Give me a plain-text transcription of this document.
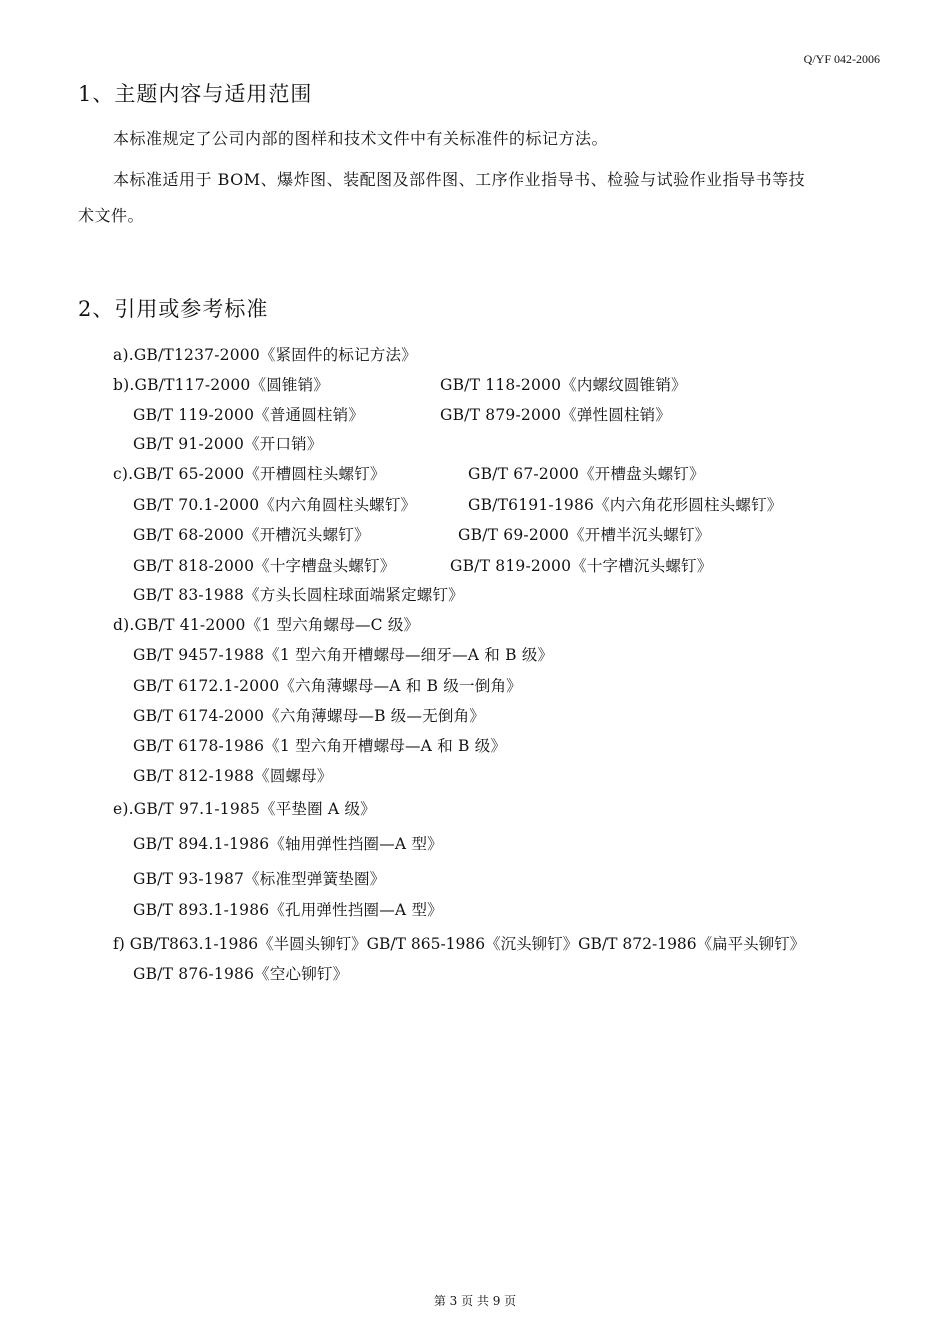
Q/YF 042-2006
1、主题内容与适用范围
本标准规定了公司内部的图样和技术文件中有关标准件的标记方法。
本标准适用于 BOM、爆炸图、装配图及部件图、工序作业指导书、检验与试验作业指导书等技
术文件。
2、引用或参考标准
a).GB/T1237-2000《紧固件的标记方法》
b).GB/T117-2000《圆锥销》	GB/T 118-2000《内螺纹圆锥销》
GB/T 119-2000《普通圆柱销》	GB/T 879-2000《弹性圆柱销》
GB/T 91-2000《开口销》
c).GB/T 65-2000《开槽圆柱头螺钉》	GB/T 67-2000《开槽盘头螺钉》
GB/T 70.1-2000《内六角圆柱头螺钉》	GB/T6191-1986《内六角花形圆柱头螺钉》
GB/T 68-2000《开槽沉头螺钉》	GB/T 69-2000《开槽半沉头螺钉》
GB/T 818-2000《十字槽盘头螺钉》	GB/T 819-2000《十字槽沉头螺钉》
GB/T 83-1988《方头长圆柱球面端紧定螺钉》
d).GB/T 41-2000《1 型六角螺母—C 级》
GB/T 9457-1988《1 型六角开槽螺母—细牙—A 和 B 级》
GB/T 6172.1-2000《六角薄螺母—A 和 B 级一倒角》
GB/T 6174-2000《六角薄螺母—B 级—无倒角》
GB/T 6178-1986《1 型六角开槽螺母—A 和 B 级》
GB/T 812-1988《圆螺母》
e).GB/T 97.1-1985《平垫圈 A 级》
GB/T 894.1-1986《轴用弹性挡圈—A 型》
GB/T 93-1987《标准型弹簧垫圈》
GB/T 893.1-1986《孔用弹性挡圈—A 型》
f) GB/T863.1-1986《半圆头铆钉》GB/T 865-1986《沉头铆钉》GB/T 872-1986《扁平头铆钉》
GB/T 876-1986《空心铆钉》
第 3 页 共 9 页
